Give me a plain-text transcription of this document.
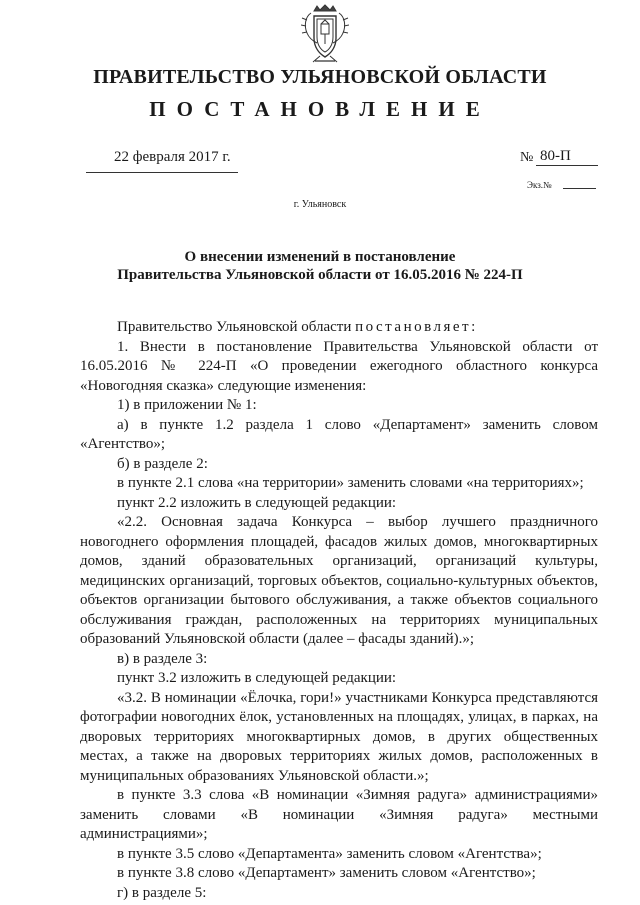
ПРАВИТЕЛЬСТВО УЛЬЯНОВСКОЙ ОБЛАСТИ
ПОСТАНОВЛЕНИЕ
22 февраля 2017 г.	№ 80-П
Экз.№
г. Ульяновск
О внесении изменений в постановление
Правительства Ульяновской области от 16.05.2016 № 224-П

Правительство Ульяновской области постановляет:

1. Внести в постановление Правительства Ульяновской области от 16.05.2016 № 224-П «О проведении ежегодного областного конкурса «Новогодняя сказка» следующие изменения:

1) в приложении № 1:

а) в пункте 1.2 раздела 1 слово «Департамент» заменить словом «Агентство»;

б) в разделе 2:

в пункте 2.1 слова «на территории» заменить словами «на территориях»;

пункт 2.2 изложить в следующей редакции:

«2.2. Основная задача Конкурса – выбор лучшего праздничного новогоднего оформления площадей, фасадов жилых домов, многоквартирных домов, зданий образовательных организаций, организаций культуры, медицинских организаций, торговых объектов, социально-культурных объектов, объектов организации бытового обслуживания, а также объектов социального обслуживания граждан, расположенных на территориях муниципальных образований Ульяновской области (далее – фасады зданий).»;

в) в разделе 3:

пункт 3.2 изложить в следующей редакции:

«3.2. В номинации «Ёлочка, гори!» участниками Конкурса представляются фотографии новогодних ёлок, установленных на площадях, улицах, в парках, на дворовых территориях многоквартирных домов, в других общественных местах, а также на дворовых территориях жилых домов, расположенных в муниципальных образованиях Ульяновской области.»;

в пункте 3.3 слова «В номинации «Зимняя радуга» администрациями» заменить словами «В номинации «Зимняя радуга» местными администрациями»;

в пункте 3.5 слово «Департамента» заменить словом «Агентства»;

в пункте 3.8 слово «Департамент» заменить словом «Агентство»;

г) в разделе 5:
